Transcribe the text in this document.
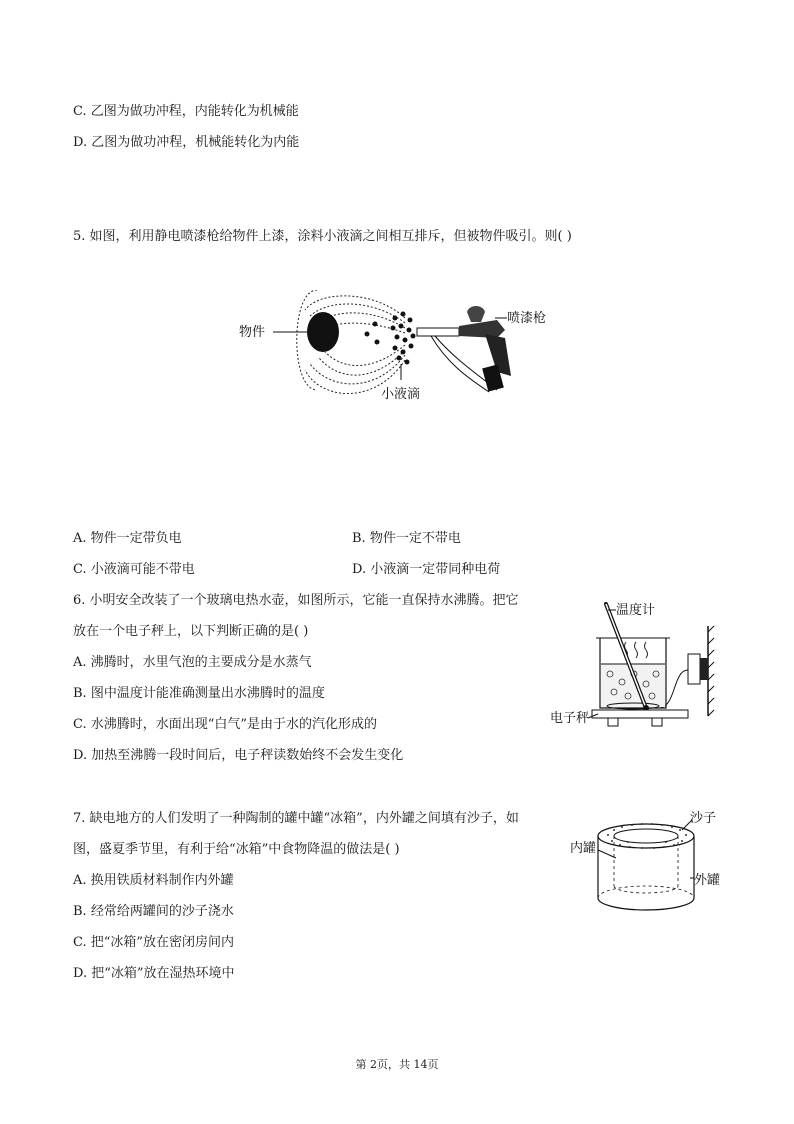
C. 乙图为做功冲程，内能转化为机械能
D. 乙图为做功冲程，机械能转化为内能
5. 如图，利用静电喷漆枪给物件上漆，涂料小液滴之间相互排斥，但被物件吸引。则( )
物件
喷漆枪
小液滴
A. 物件一定带负电	B. 物件一定不带电
C. 小液滴可能不带电	D. 小液滴一定带同种电荷
6. 小明安全改装了一个玻璃电热水壶，如图所示，它能一直保持水沸腾。把它
放在一个电子秤上，以下判断正确的是( )
A. 沸腾时，水里气泡的主要成分是水蒸气
B. 图中温度计能准确测量出水沸腾时的温度
C. 水沸腾时，水面出现“白气”是由于水的汽化形成的
D. 加热至沸腾一段时间后，电子秤读数始终不会发生变化
温度计
电子秤
7. 缺电地方的人们发明了一种陶制的罐中罐“冰箱”，内外罐之间填有沙子，如
图，盛夏季节里，有利于给“冰箱”中食物降温的做法是( )
A. 换用铁质材料制作内外罐
B. 经常给两罐间的沙子浇水
C. 把“冰箱”放在密闭房间内
D. 把“冰箱”放在湿热环境中
沙子
内罐
外罐
第 2页，共 14页
